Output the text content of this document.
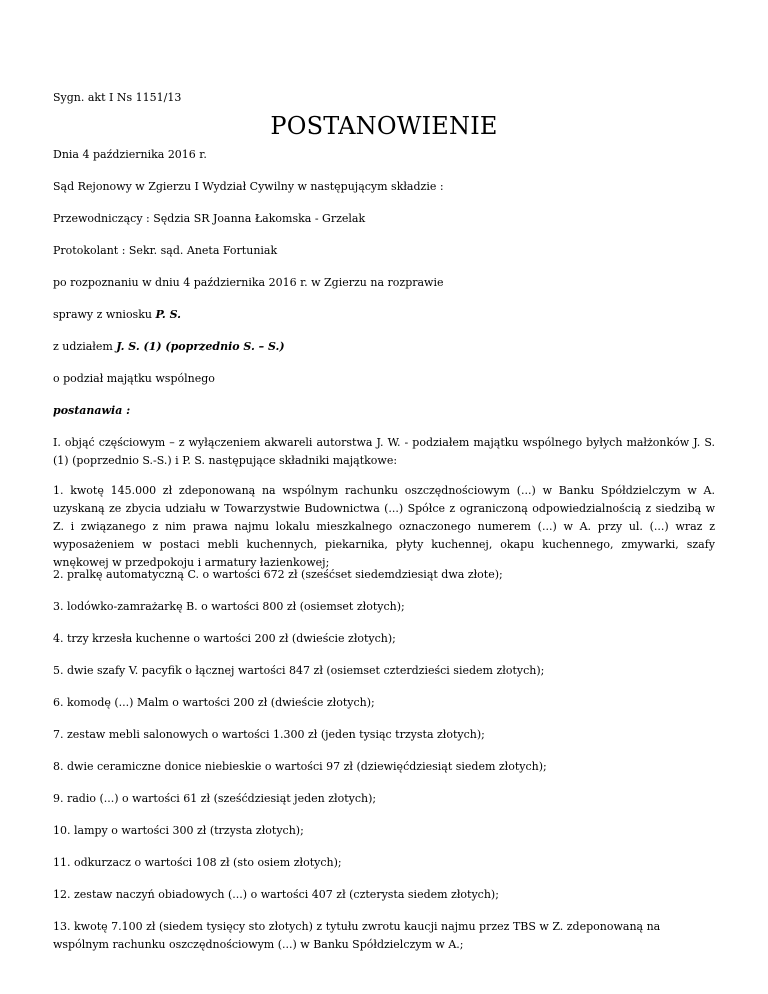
Sygn. akt I Ns 1151/13

POSTANOWIENIE

Dnia 4 października 2016 r.

Sąd Rejonowy w Zgierzu I Wydział Cywilny w następującym składzie :

Przewodniczący : Sędzia SR Joanna Łakomska - Grzelak

Protokolant : Sekr. sąd. Aneta Fortuniak

po rozpoznaniu w dniu 4 października 2016 r. w Zgierzu na rozprawie

sprawy z wniosku P. S.

z udziałem J. S. (1) (poprzednio S. – S.)

o podział majątku wspólnego

postanawia :

I. objąć częściowym – z wyłączeniem akwareli autorstwa J. W. - podziałem majątku wspólnego byłych małżonków J. S. (1) (poprzednio S.-S.) i P. S. następujące składniki majątkowe:

1. kwotę 145.000 zł zdeponowaną na wspólnym rachunku oszczędnościowym (...) w Banku Spółdzielczym w A. uzyskaną ze zbycia udziału w Towarzystwie Budownictwa (...) Spółce z ograniczoną odpowiedzialnością z siedzibą w Z. i związanego z nim prawa najmu lokalu mieszkalnego oznaczonego numerem (...) w A. przy ul. (...) wraz z wyposażeniem w postaci mebli kuchennych, piekarnika, płyty kuchennej, okapu kuchennego, zmywarki, szafy wnękowej w przedpokoju i armatury łazienkowej;

2. pralkę automatyczną C. o wartości 672 zł (sześćset siedemdziesiąt dwa złote);

3. lodówko-zamrażarkę B. o wartości 800 zł (osiemset złotych);

4. trzy krzesła kuchenne o wartości 200 zł (dwieście złotych);

5. dwie szafy V. pacyfik o łącznej wartości 847 zł (osiemset czterdzieści siedem złotych);

6. komodę (...) Malm o wartości 200 zł (dwieście złotych);

7. zestaw mebli salonowych o wartości 1.300 zł (jeden tysiąc trzysta złotych);

8. dwie ceramiczne donice niebieskie o wartości 97 zł (dziewięćdziesiąt siedem złotych);

9. radio (...) o wartości 61 zł (sześćdziesiąt jeden złotych);

10. lampy o wartości 300 zł (trzysta złotych);

11. odkurzacz o wartości 108 zł (sto osiem złotych);

12. zestaw naczyń obiadowych (...) o wartości 407 zł (czterysta siedem złotych);

13. kwotę 7.100 zł (siedem tysięcy sto złotych) z tytułu zwrotu kaucji najmu przez TBS w Z. zdeponowaną na wspólnym rachunku oszczędnościowym (...) w Banku Spółdzielczym w A.;
